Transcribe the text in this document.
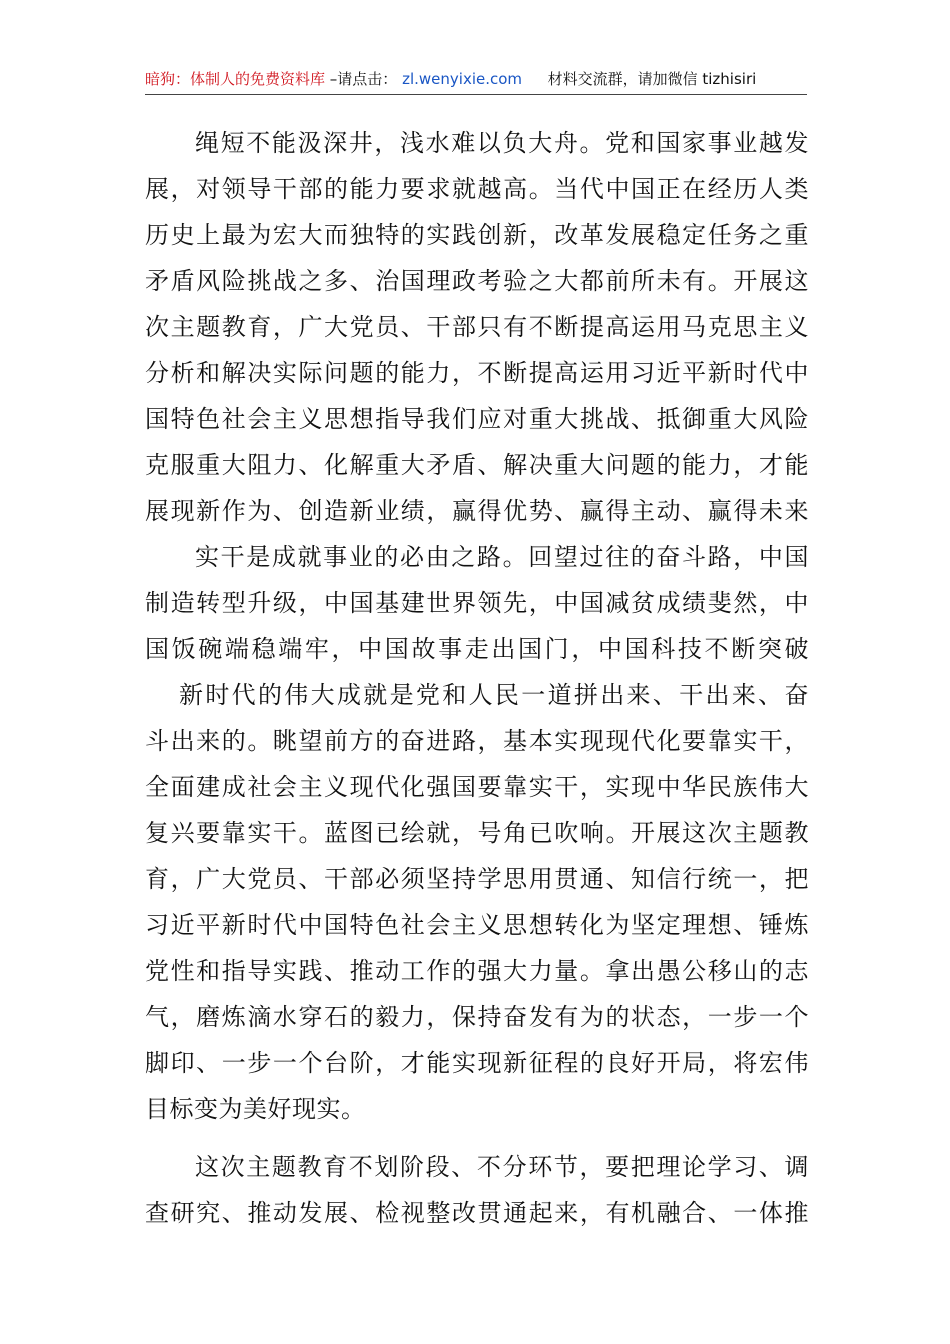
暗狗：体制人的免费资料库 –请点击： zl.wenyixie.com 材料交流群，请加微信 tizhisiri
绳短不能汲深井，浅水难以负大舟。党和国家事业越发
展，对领导干部的能力要求就越高。当代中国正在经历人类
历史上最为宏大而独特的实践创新，改革发展稳定任务之重
矛盾风险挑战之多、治国理政考验之大都前所未有。开展这
次主题教育，广大党员、干部只有不断提高运用马克思主义
分析和解决实际问题的能力，不断提高运用习近平新时代中
国特色社会主义思想指导我们应对重大挑战、抵御重大风险
克服重大阻力、化解重大矛盾、解决重大问题的能力，才能
展现新作为、创造新业绩，赢得优势、赢得主动、赢得未来
实干是成就事业的必由之路。回望过往的奋斗路，中国
制造转型升级，中国基建世界领先，中国减贫成绩斐然，中
国饭碗端稳端牢，中国故事走出国门，中国科技不断突破
新时代的伟大成就是党和人民一道拼出来、干出来、奋
斗出来的。眺望前方的奋进路，基本实现现代化要靠实干，
全面建成社会主义现代化强国要靠实干，实现中华民族伟大
复兴要靠实干。蓝图已绘就，号角已吹响。开展这次主题教
育，广大党员、干部必须坚持学思用贯通、知信行统一，把
习近平新时代中国特色社会主义思想转化为坚定理想、锤炼
党性和指导实践、推动工作的强大力量。拿出愚公移山的志
气，磨炼滴水穿石的毅力，保持奋发有为的状态，一步一个
脚印、一步一个台阶，才能实现新征程的良好开局，将宏伟
目标变为美好现实。
这次主题教育不划阶段、不分环节，要把理论学习、调
查研究、推动发展、检视整改贯通起来，有机融合、一体推
